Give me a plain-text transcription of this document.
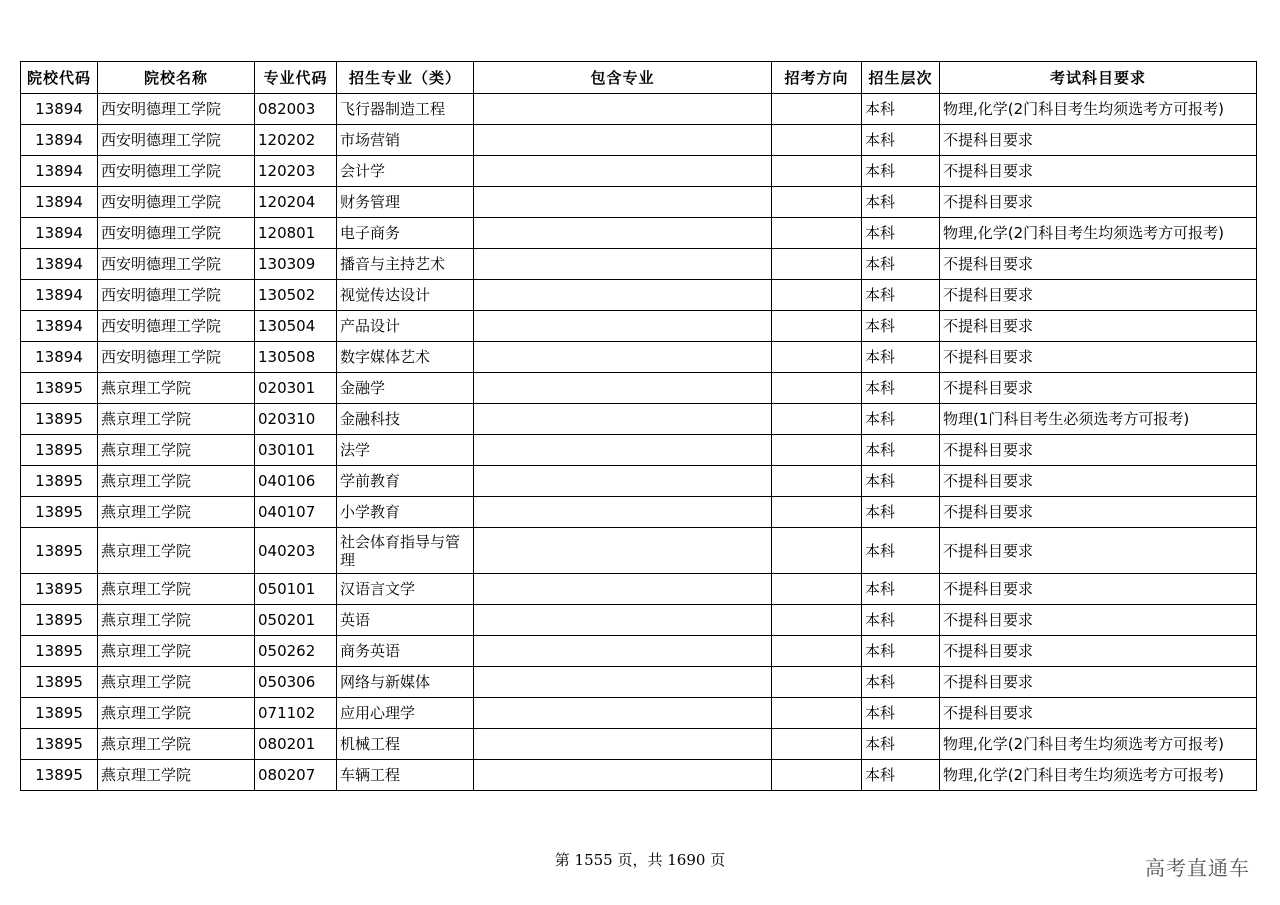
院校代码	院校名称	专业代码	招生专业（类）	包含专业	招考方向	招生层次	考试科目要求
13894	西安明德理工学院	082003	飞行器制造工程			本科	物理,化学(2门科目考生均须选考方可报考)
13894	西安明德理工学院	120202	市场营销			本科	不提科目要求
13894	西安明德理工学院	120203	会计学			本科	不提科目要求
13894	西安明德理工学院	120204	财务管理			本科	不提科目要求
13894	西安明德理工学院	120801	电子商务			本科	物理,化学(2门科目考生均须选考方可报考)
13894	西安明德理工学院	130309	播音与主持艺术			本科	不提科目要求
13894	西安明德理工学院	130502	视觉传达设计			本科	不提科目要求
13894	西安明德理工学院	130504	产品设计			本科	不提科目要求
13894	西安明德理工学院	130508	数字媒体艺术			本科	不提科目要求
13895	燕京理工学院	020301	金融学			本科	不提科目要求
13895	燕京理工学院	020310	金融科技			本科	物理(1门科目考生必须选考方可报考)
13895	燕京理工学院	030101	法学			本科	不提科目要求
13895	燕京理工学院	040106	学前教育			本科	不提科目要求
13895	燕京理工学院	040107	小学教育			本科	不提科目要求
13895	燕京理工学院	040203	社会体育指导与管理			本科	不提科目要求
13895	燕京理工学院	050101	汉语言文学			本科	不提科目要求
13895	燕京理工学院	050201	英语			本科	不提科目要求
13895	燕京理工学院	050262	商务英语			本科	不提科目要求
13895	燕京理工学院	050306	网络与新媒体			本科	不提科目要求
13895	燕京理工学院	071102	应用心理学			本科	不提科目要求
13895	燕京理工学院	080201	机械工程			本科	物理,化学(2门科目考生均须选考方可报考)
13895	燕京理工学院	080207	车辆工程			本科	物理,化学(2门科目考生均须选考方可报考)
第 1555 页，共 1690 页	高考直通车
